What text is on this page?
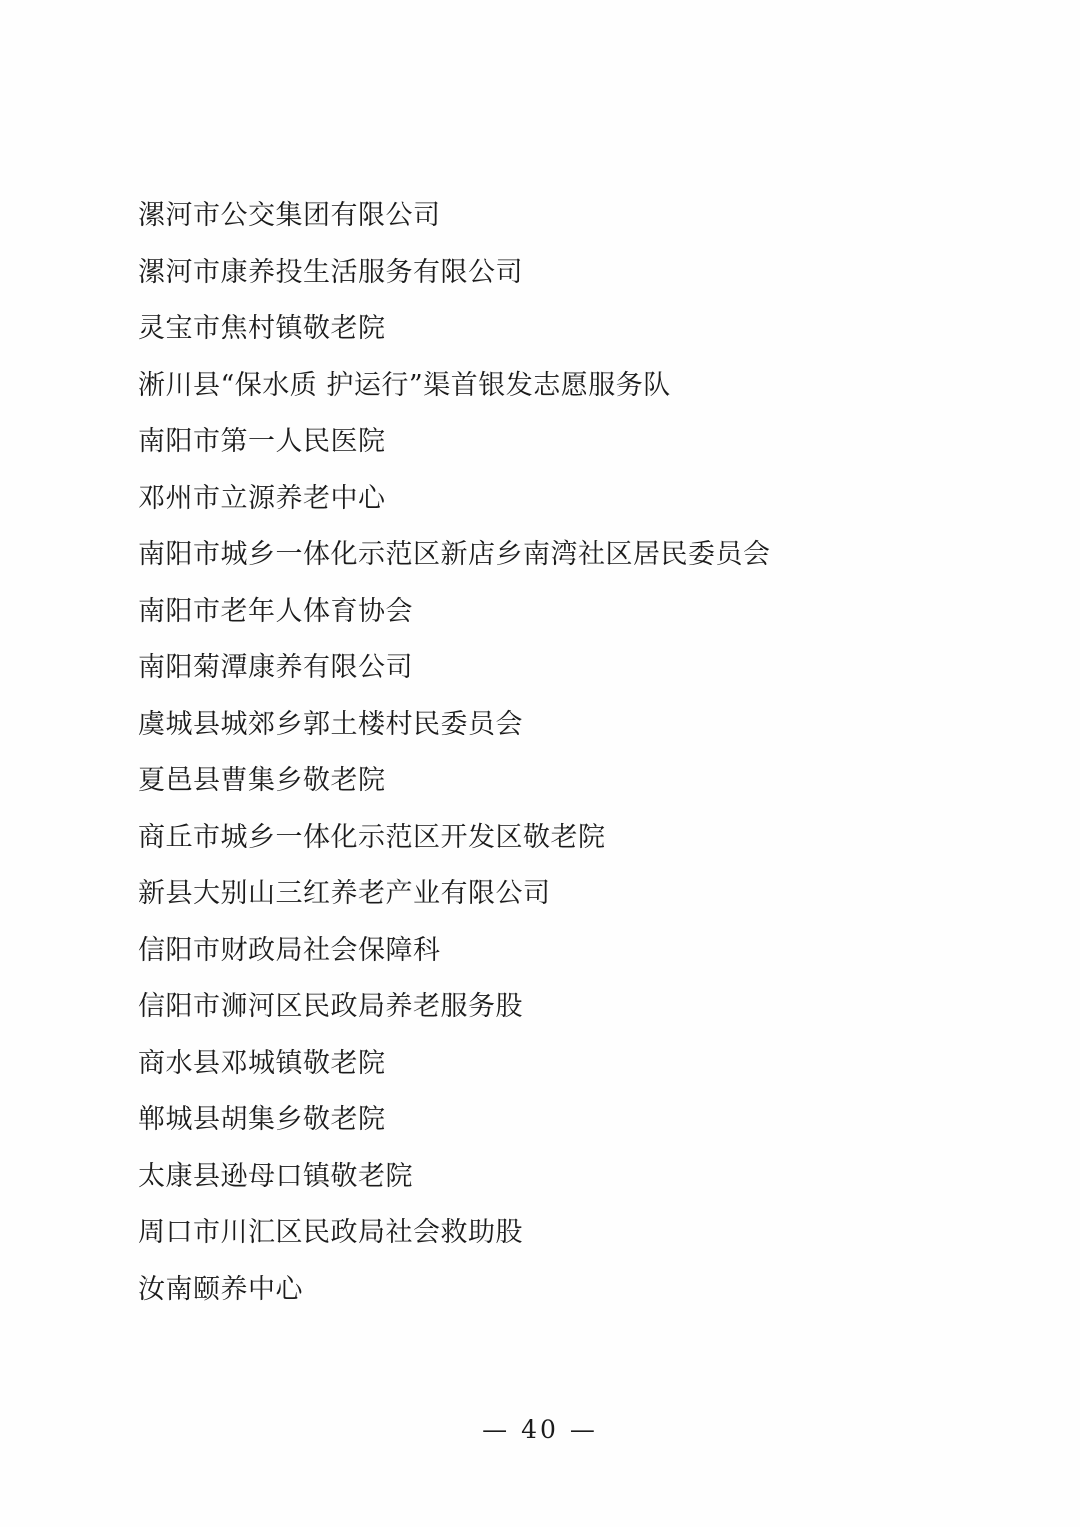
漯河市公交集团有限公司
漯河市康养投生活服务有限公司
灵宝市焦村镇敬老院
淅川县“保水质 护运行”渠首银发志愿服务队
南阳市第一人民医院
邓州市立源养老中心
南阳市城乡一体化示范区新店乡南湾社区居民委员会
南阳市老年人体育协会
南阳菊潭康养有限公司
虞城县城郊乡郭土楼村民委员会
夏邑县曹集乡敬老院
商丘市城乡一体化示范区开发区敬老院
新县大别山三红养老产业有限公司
信阳市财政局社会保障科
信阳市浉河区民政局养老服务股
商水县邓城镇敬老院
郸城县胡集乡敬老院
太康县逊母口镇敬老院
周口市川汇区民政局社会救助股
汝南颐养中心
— 40 —
